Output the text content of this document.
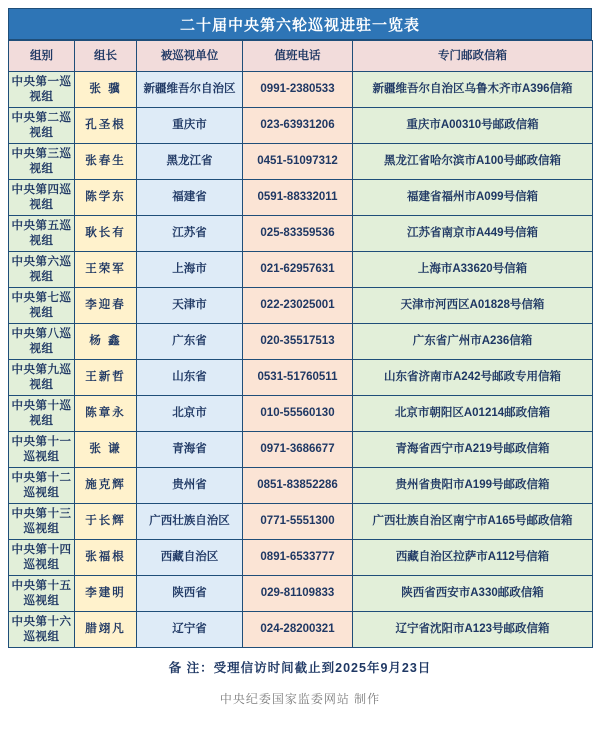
二十届中央第六轮巡视进驻一览表
组别	组长	被巡视单位	值班电话	专门邮政信箱
中央第一巡视组	张 骥	新疆维吾尔自治区	0991-2380533	新疆维吾尔自治区乌鲁木齐市A396信箱
中央第二巡视组	孔圣根	重庆市	023-63931206	重庆市A00310号邮政信箱
中央第三巡视组	张春生	黑龙江省	0451-51097312	黑龙江省哈尔滨市A100号邮政信箱
中央第四巡视组	陈学东	福建省	0591-88332011	福建省福州市A099号信箱
中央第五巡视组	耿长有	江苏省	025-83359536	江苏省南京市A449号信箱
中央第六巡视组	王荣军	上海市	021-62957631	上海市A33620号信箱
中央第七巡视组	李迎春	天津市	022-23025001	天津市河西区A01828号信箱
中央第八巡视组	杨 鑫	广东省	020-35517513	广东省广州市A236信箱
中央第九巡视组	王新哲	山东省	0531-51760511	山东省济南市A242号邮政专用信箱
中央第十巡视组	陈章永	北京市	010-55560130	北京市朝阳区A01214邮政信箱
中央第十一巡视组	张 谦	青海省	0971-3686677	青海省西宁市A219号邮政信箱
中央第十二巡视组	施克辉	贵州省	0851-83852286	贵州省贵阳市A199号邮政信箱
中央第十三巡视组	于长辉	广西壮族自治区	0771-5551300	广西壮族自治区南宁市A165号邮政信箱
中央第十四巡视组	张福根	西藏自治区	0891-6533777	西藏自治区拉萨市A112号信箱
中央第十五巡视组	李建明	陕西省	029-81109833	陕西省西安市A330邮政信箱
中央第十六巡视组	腊翊凡	辽宁省	024-28200321	辽宁省沈阳市A123号邮政信箱
备 注：受理信访时间截止到2025年9月23日
中央纪委国家监委网站 制作
